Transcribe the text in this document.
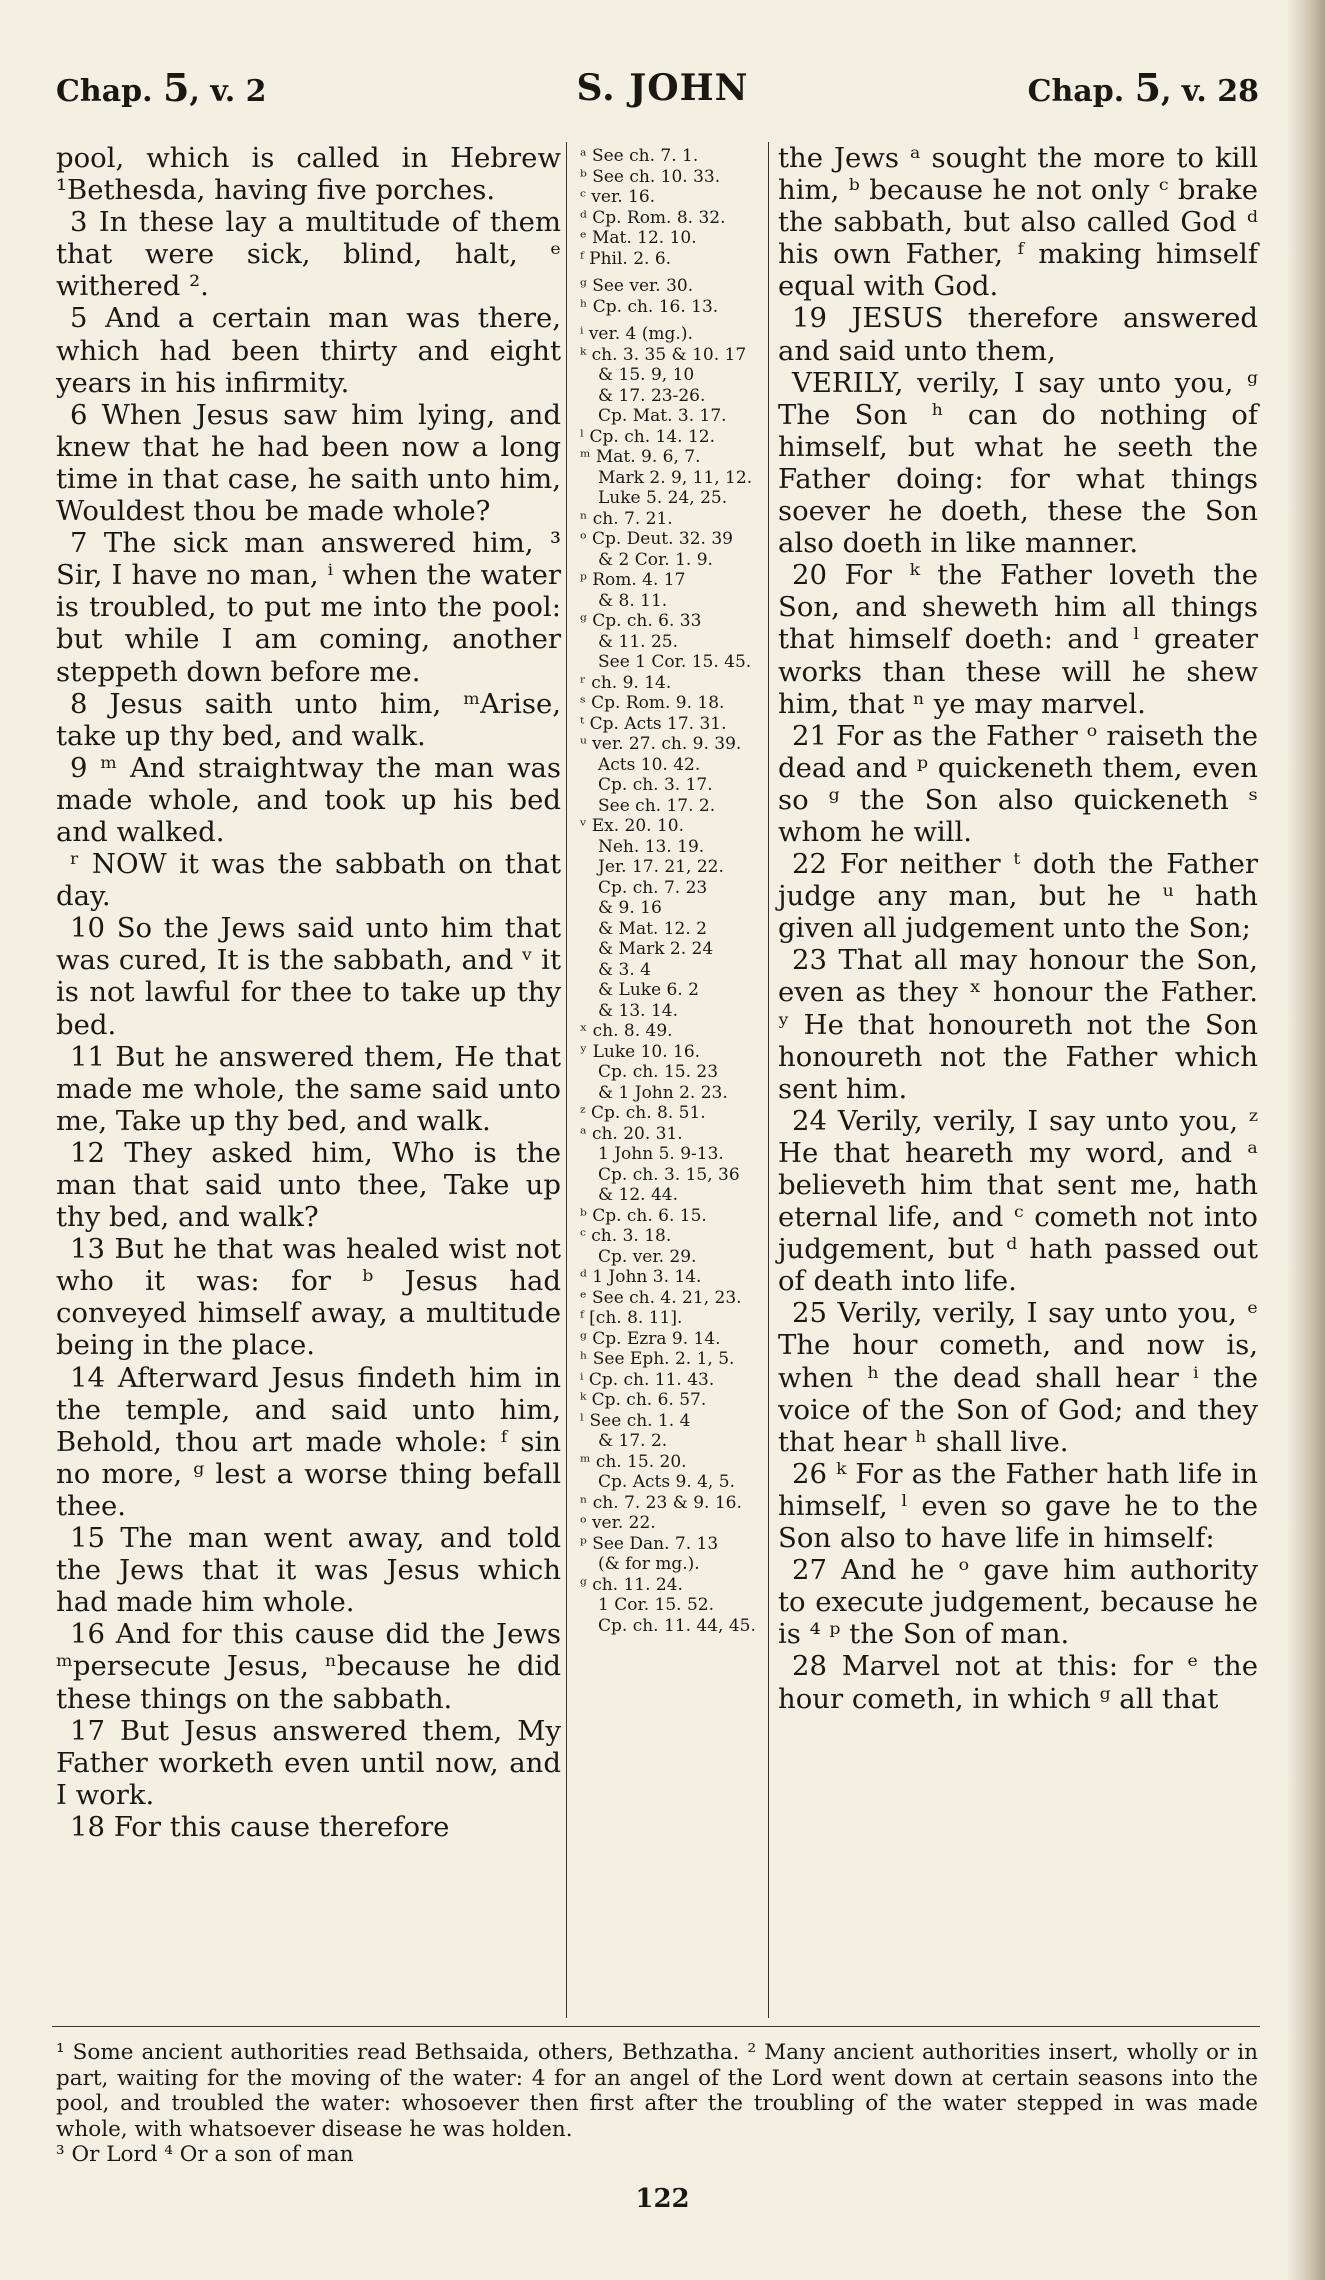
Chap. 5, v. 2	S. JOHN	Chap. 5, v. 28

pool, which is called in Hebrew ¹Bethesda, having five porches.

3 In these lay a multitude of them that were sick, blind, halt, ᵉ withered ².

5 And a certain man was there, which had been thirty and eight years in his infirmity.

6 When Jesus saw him lying, and knew that he had been now a long time in that case, he saith unto him, Wouldest thou be made whole?

7 The sick man answered him, ³ Sir, I have no man, ⁱ when the water is troubled, to put me into the pool: but while I am coming, another steppeth down before me.

8 Jesus saith unto him, ᵐArise, take up thy bed, and walk.

9 ᵐ And straightway the man was made whole, and took up his bed and walked.

ʳ NOW it was the sabbath on that day.

10 So the Jews said unto him that was cured, It is the sabbath, and ᵛ it is not lawful for thee to take up thy bed.

11 But he answered them, He that made me whole, the same said unto me, Take up thy bed, and walk.

12 They asked him, Who is the man that said unto thee, Take up thy bed, and walk?

13 But he that was healed wist not who it was: for ᵇ Jesus had conveyed himself away, a multitude being in the place.

14 Afterward Jesus findeth him in the temple, and said unto him, Behold, thou art made whole: ᶠ sin no more, ᵍ lest a worse thing befall thee.

15 The man went away, and told the Jews that it was Jesus which had made him whole.

16 And for this cause did the Jews ᵐpersecute Jesus, ⁿbecause he did these things on the sabbath.

17 But Jesus answered them, My Father worketh even until now, and I work.

18 For this cause therefore

ᵃ See ch. 7. 1.
ᵇ See ch. 10. 33.
ᶜ ver. 16.
ᵈ Cp. Rom. 8. 32.
ᵉ Mat. 12. 10.
ᶠ Phil. 2. 6.
ᵍ See ver. 30.
ʰ Cp. ch. 16. 13.
ⁱ ver. 4 (mg.).
ᵏ ch. 3. 35 & 10. 17
& 15. 9, 10
& 17. 23-26.
Cp. Mat. 3. 17.
ˡ Cp. ch. 14. 12.
ᵐ Mat. 9. 6, 7.
Mark 2. 9, 11, 12.
Luke 5. 24, 25.
ⁿ ch. 7. 21.
ᵒ Cp. Deut. 32. 39
& 2 Cor. 1. 9.
ᵖ Rom. 4. 17
& 8. 11.
ᵍ Cp. ch. 6. 33
& 11. 25.
See 1 Cor. 15. 45.
ʳ ch. 9. 14.
ˢ Cp. Rom. 9. 18.
ᵗ Cp. Acts 17. 31.
ᵘ ver. 27. ch. 9. 39.
Acts 10. 42.
Cp. ch. 3. 17.
See ch. 17. 2.
ᵛ Ex. 20. 10.
Neh. 13. 19.
Jer. 17. 21, 22.
Cp. ch. 7. 23
& 9. 16
& Mat. 12. 2
& Mark 2. 24
& 3. 4
& Luke 6. 2
& 13. 14.
ˣ ch. 8. 49.
ʸ Luke 10. 16.
Cp. ch. 15. 23
& 1 John 2. 23.
ᶻ Cp. ch. 8. 51.
ᵃ ch. 20. 31.
1 John 5. 9-13.
Cp. ch. 3. 15, 36
& 12. 44.
ᵇ Cp. ch. 6. 15.
ᶜ ch. 3. 18.
Cp. ver. 29.
ᵈ 1 John 3. 14.
ᵉ See ch. 4. 21, 23.
ᶠ [ch. 8. 11].
ᵍ Cp. Ezra 9. 14.
ʰ See Eph. 2. 1, 5.
ⁱ Cp. ch. 11. 43.
ᵏ Cp. ch. 6. 57.
ˡ See ch. 1. 4
& 17. 2.
ᵐ ch. 15. 20.
Cp. Acts 9. 4, 5.
ⁿ ch. 7. 23 & 9. 16.
ᵒ ver. 22.
ᵖ See Dan. 7. 13
(& for mg.).
ᵍ ch. 11. 24.
1 Cor. 15. 52.
Cp. ch. 11. 44, 45.

the Jews ᵃ sought the more to kill him, ᵇ because he not only ᶜ brake the sabbath, but also called God ᵈ his own Father, ᶠ making himself equal with God.

19 JESUS therefore answered and said unto them,

VERILY, verily, I say unto you, ᵍ The Son ʰ can do nothing of himself, but what he seeth the Father doing: for what things soever he doeth, these the Son also doeth in like manner.

20 For ᵏ the Father loveth the Son, and sheweth him all things that himself doeth: and ˡ greater works than these will he shew him, that ⁿ ye may marvel.

21 For as the Father ᵒ raiseth the dead and ᵖ quickeneth them, even so ᵍ the Son also quickeneth ˢ whom he will.

22 For neither ᵗ doth the Father judge any man, but he ᵘ hath given all judgement unto the Son;

23 That all may honour the Son, even as they ˣ honour the Father. ʸ He that honoureth not the Son honoureth not the Father which sent him.

24 Verily, verily, I say unto you, ᶻ He that heareth my word, and ᵃ believeth him that sent me, hath eternal life, and ᶜ cometh not into judgement, but ᵈ hath passed out of death into life.

25 Verily, verily, I say unto you, ᵉ The hour cometh, and now is, when ʰ the dead shall hear ⁱ the voice of the Son of God; and they that hear ʰ shall live.

26 ᵏ For as the Father hath life in himself, ˡ even so gave he to the Son also to have life in himself:

27 And he ᵒ gave him authority to execute judgement, because he is ⁴ ᵖ the Son of man.

28 Marvel not at this: for ᵉ the hour cometh, in which ᵍ all that

¹ Some ancient authorities read Bethsaida, others, Bethzatha. ² Many ancient authorities insert, wholly or in part, waiting for the moving of the water: 4 for an angel of the Lord went down at certain seasons into the pool, and troubled the water: whosoever then first after the troubling of the water stepped in was made whole, with whatsoever disease he was holden.

³ Or Lord ⁴ Or a son of man

122
